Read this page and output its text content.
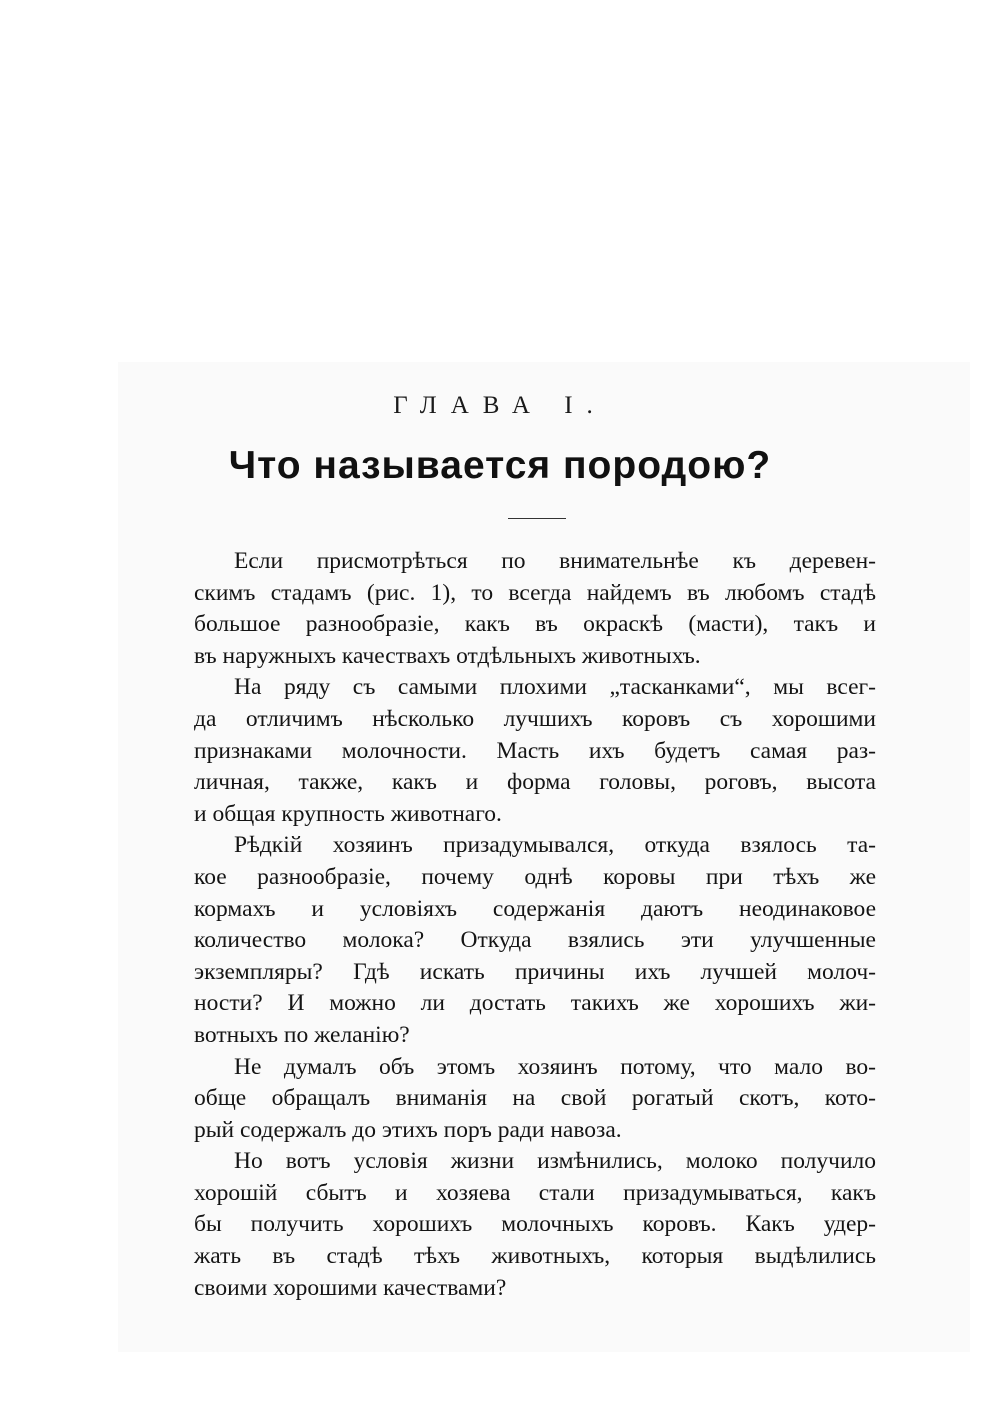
ГЛАВА I.
Что называется породою?

Если присмотрѣться по внимательнѣе къ деревен-
скимъ стадамъ (рис. 1), то всегда найдемъ въ любомъ стадѣ
большое разнообразіе, какъ въ окраскѣ (масти), такъ и
въ наружныхъ качествахъ отдѣльныхъ животныхъ.

На ряду съ самыми плохими „тасканками“, мы всег-
да отличимъ нѣсколько лучшихъ коровъ съ хорошими
признаками молочности. Масть ихъ будетъ самая раз-
личная, также, какъ и форма головы, роговъ, высота
и общая крупность животнаго.

Рѣдкій хозяинъ призадумывался, откуда взялось та-
кое разнообразіе, почему однѣ коровы при тѣхъ же
кормахъ и условіяхъ содержанія даютъ неодинаковое
количество молока? Откуда взялись эти улучшенные
экземпляры? Гдѣ искать причины ихъ лучшей молоч-
ности? И можно ли достать такихъ же хорошихъ жи-
вотныхъ по желанію?

Не думалъ объ этомъ хозяинъ потому, что мало во-
обще обращалъ вниманія на свой рогатый скотъ, кото-
рый содержалъ до этихъ поръ ради навоза.

Но вотъ условія жизни измѣнились, молоко получило
хорошій сбытъ и хозяева стали призадумываться, какъ
бы получить хорошихъ молочныхъ коровъ. Какъ удер-
жать въ стадѣ тѣхъ животныхъ, которыя выдѣлились
своими хорошими качествами?
